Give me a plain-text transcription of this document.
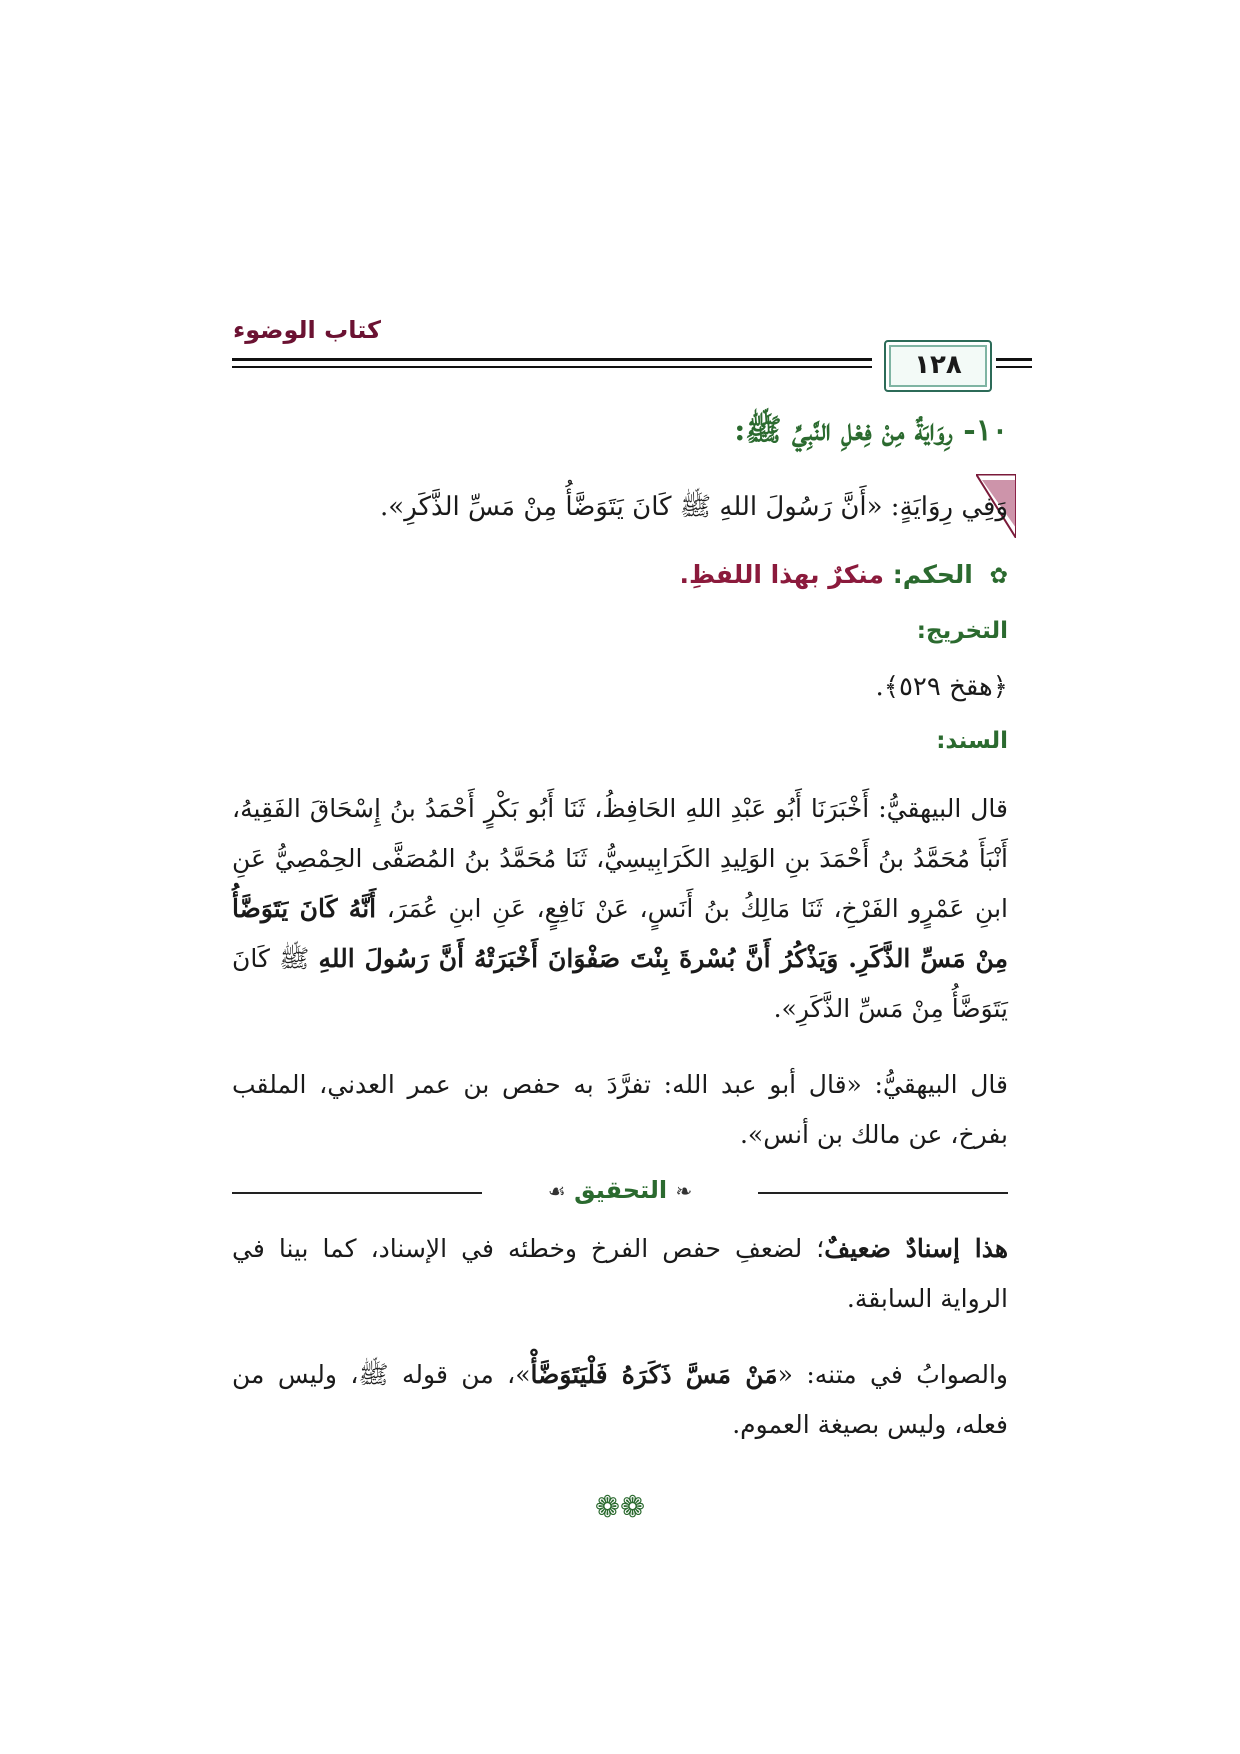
كتاب الوضوء
١٢٨
١٠- رِوَايَةٌ مِنْ فِعْلِ النَّبِيِّ ﷺ:
وَفِي رِوَايَةٍ: «أَنَّ رَسُولَ اللهِ ﷺ كَانَ يَتَوَضَّأُ مِنْ مَسِّ الذَّكَرِ».
✿ الحكم: منكرٌ بهذا اللفظِ.
التخريج:
﴿هقخ ٥٢٩﴾.
السند:
قال البيهقيُّ: أَخْبَرَنَا أَبُو عَبْدِ اللهِ الحَافِظُ، ثَنَا أَبُو بَكْرٍ أَحْمَدُ بنُ إِسْحَاقَ الفَقِيهُ، أَنْبَأَ مُحَمَّدُ بنُ أَحْمَدَ بنِ الوَلِيدِ الكَرَابِيسِيُّ، ثَنَا مُحَمَّدُ بنُ المُصَفَّى الحِمْصِيُّ عَنِ ابنِ عَمْرٍو الفَرْخِ، ثَنَا مَالِكُ بنُ أَنَسٍ، عَنْ نَافِعٍ، عَنِ ابنِ عُمَرَ، أَنَّهُ كَانَ يَتَوَضَّأُ مِنْ مَسِّ الذَّكَرِ. وَيَذْكُرُ أَنَّ بُسْرةَ بِنْتَ صَفْوَانَ أَخْبَرَتْهُ أَنَّ رَسُولَ اللهِ ﷺ كَانَ يَتَوَضَّأُ مِنْ مَسِّ الذَّكَرِ».
قال البيهقيُّ: «قال أبو عبد الله: تفرَّدَ به حفص بن عمر العدني، الملقب بفرخ، عن مالك بن أنس».
❧ التحقيق ☙
هذا إسنادٌ ضعيفٌ؛ لضعفِ حفص الفرخ وخطئه في الإسناد، كما بينا في الرواية السابقة.
والصوابُ في متنه: «مَنْ مَسَّ ذَكَرَهُ فَلْيَتَوَضَّأْ»، من قوله ﷺ، وليس من فعله، وليس بصيغة العموم.
❁❁
